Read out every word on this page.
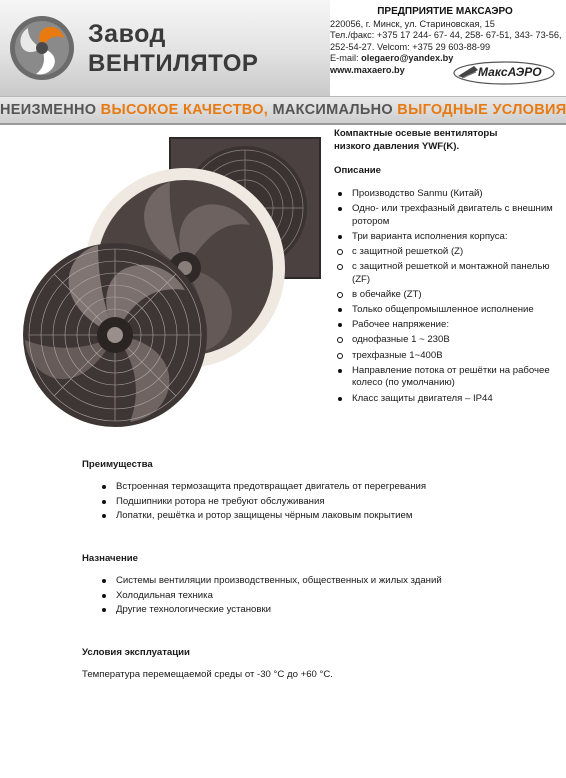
Завод
ВЕНТИЛЯТОР
ПРЕДПРИЯТИЕ МАКСАЭРО
220056, г. Минск, ул. Стариновская, 15
Тел./факс: +375 17 244- 67- 44, 258- 67-51, 343- 73-56,
252-54-27. Velcom: +375 29 603-88-99
E-mail: olegaero@yandex.by
www.maxaero.by	МаксАЭРО
НЕИЗМЕННО ВЫСОКОЕ КАЧЕСТВО, МАКСИМАЛЬНО ВЫГОДНЫЕ УСЛОВИЯ
Компактные осевые вентиляторы
низкого давления YWF(K).
Описание
Производство Sanmu (Китай)
Одно- или трехфазный двигатель с внешним ротором
Три варианта исполнения корпуса:
с защитной решеткой (Z)
с защитной решеткой и монтажной панелью (ZF)
в обечайке (ZT)
Только общепромышленное исполнение
Рабочее напряжение:
однофазные 1 ~ 230В
трехфазные 1~400В
Направление потока от решётки на рабочее колесо (по умолчанию)
Класс защиты двигателя – IP44
Преимущества
Встроенная термозащита предотвращает двигатель от перегревания
Подшипники ротора не требуют обслуживания
Лопатки, решётка и ротор защищены чёрным лаковым покрытием
Назначение
Системы вентиляции производственных, общественных и жилых зданий
Холодильная техника
Другие технологические установки
Условия эксплуатации
Температура перемещаемой среды от -30 °С до +60 °С.
